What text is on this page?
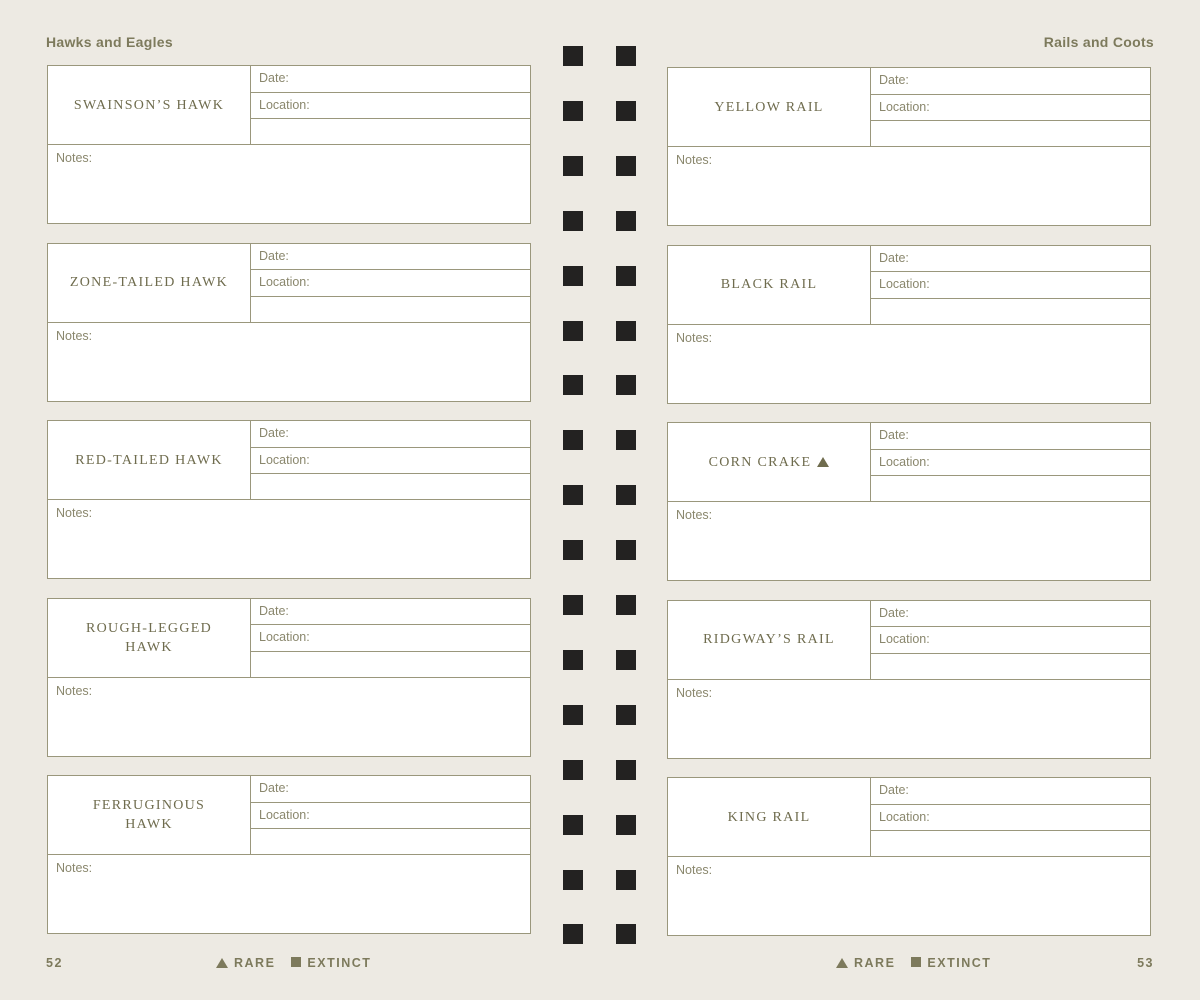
Hawks and Eagles	Rails and Coots
SWAINSON’S HAWK
Date:
Location:
Notes:
ZONE-TAILED HAWK
Date:
Location:
Notes:
RED-TAILED HAWK
Date:
Location:
Notes:
ROUGH-LEGGED HAWK
Date:
Location:
Notes:
FERRUGINOUS HAWK
Date:
Location:
Notes:
YELLOW RAIL
Date:
Location:
Notes:
BLACK RAIL
Date:
Location:
Notes:
CORN CRAKE
Date:
Location:
Notes:
RIDGWAY’S RAIL
Date:
Location:
Notes:
KING RAIL
Date:
Location:
Notes:
52	RARE	EXTINCT	RARE	EXTINCT	53
